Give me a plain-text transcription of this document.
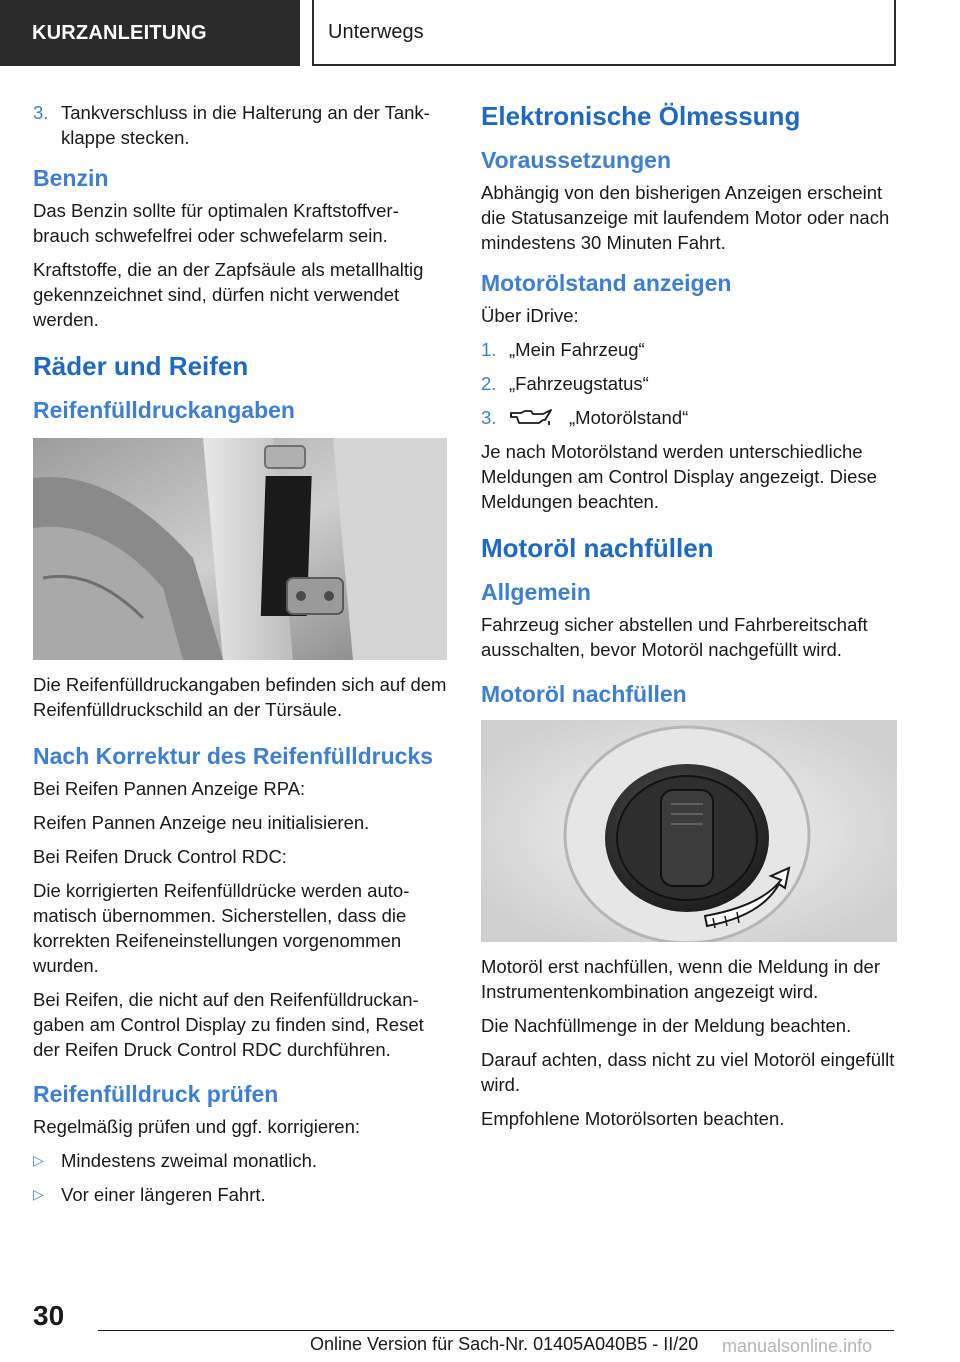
KURZANLEITUNG	Unterwegs
3. Tankverschluss in die Halterung an der Tankklappe stecken.
Benzin
Das Benzin sollte für optimalen Kraftstoffverbrauch schwefelfrei oder schwefelarm sein.
Kraftstoffe, die an der Zapfsäule als metallhaltig gekennzeichnet sind, dürfen nicht verwendet werden.
Räder und Reifen
Reifenfülldruckangaben
Die Reifenfülldruckangaben befinden sich auf dem Reifenfülldruckschild an der Türsäule.
Nach Korrektur des Reifenfülldrucks
Bei Reifen Pannen Anzeige RPA:
Reifen Pannen Anzeige neu initialisieren.
Bei Reifen Druck Control RDC:
Die korrigierten Reifenfülldrücke werden automatisch übernommen. Sicherstellen, dass die korrekten Reifeneinstellungen vorgenommen wurden.
Bei Reifen, die nicht auf den Reifenfülldruckangaben am Control Display zu finden sind, Reset der Reifen Druck Control RDC durchführen.
Reifenfülldruck prüfen
Regelmäßig prüfen und ggf. korrigieren:
▷ Mindestens zweimal monatlich.
▷ Vor einer längeren Fahrt.
Elektronische Ölmessung
Voraussetzungen
Abhängig von den bisherigen Anzeigen erscheint die Statusanzeige mit laufendem Motor oder nach mindestens 30 Minuten Fahrt.
Motorölstand anzeigen
Über iDrive:
1. „Mein Fahrzeug“
2. „Fahrzeugstatus“
3.	„Motorölstand“
Je nach Motorölstand werden unterschiedliche Meldungen am Control Display angezeigt. Diese Meldungen beachten.
Motoröl nachfüllen
Allgemein
Fahrzeug sicher abstellen und Fahrbereitschaft ausschalten, bevor Motoröl nachgefüllt wird.
Motoröl nachfüllen
Motoröl erst nachfüllen, wenn die Meldung in der Instrumentenkombination angezeigt wird.
Die Nachfüllmenge in der Meldung beachten.
Darauf achten, dass nicht zu viel Motoröl eingefüllt wird.
Empfohlene Motorölsorten beachten.
30
Online Version für Sach-Nr. 01405A040B5 - II/20 manualsonline.info
